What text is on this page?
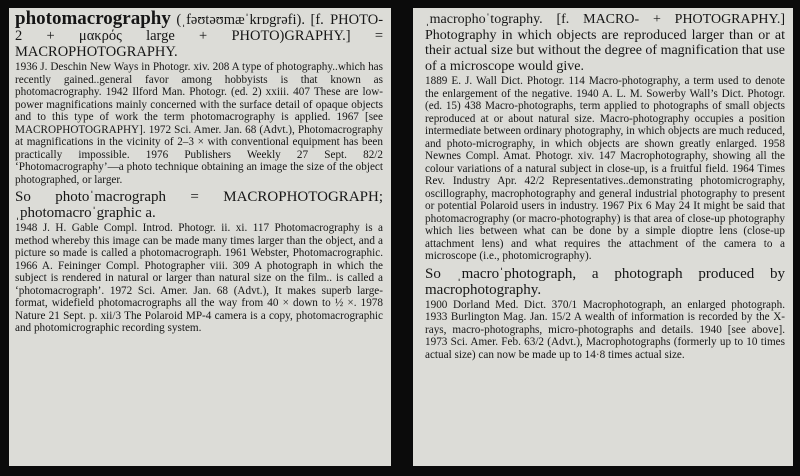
photomacrography (ˌfəʊtəʊmæˈkrɒgrəfi). [f. PHOTO- 2 + μακρός large + PHOTO)GRAPHY.] = MACROPHOTOGRAPHY.

1936 J. Deschin New Ways in Photogr. xiv. 208 A type of photography..which has recently gained..general favor among hobbyists is that known as photomacrography. 1942 Ilford Man. Photogr. (ed. 2) xxiii. 407 These are low-power magnifications mainly concerned with the surface detail of opaque objects and to this type of work the term photomacrography is applied. 1967 [see MACROPHOTOGRAPHY]. 1972 Sci. Amer. Jan. 68 (Advt.), Photomacrography at magnifications in the vicinity of 2–3 × with conventional equipment has been practically impossible. 1976 Publishers Weekly 27 Sept. 82/2 ‘Photomacrography’—a photo technique obtaining an image the size of the object photographed, or larger.

So photoˈmacrograph = MACROPHOTOGRAPH; ˌphotomacroˈgraphic a.

1948 J. H. Gable Compl. Introd. Photogr. ii. xi. 117 Photomacrography is a method whereby this image can be made many times larger than the object, and a picture so made is called a photomacrograph. 1961 Webster, Photomacrographic. 1966 A. Feininger Compl. Photographer viii. 309 A photograph in which the subject is rendered in natural or larger than natural size on the film.. is called a ‘photomacrograph’. 1972 Sci. Amer. Jan. 68 (Advt.), It makes superb large-format, widefield photomacrographs all the way from 40 × down to ½ ×. 1978 Nature 21 Sept. p. xii/3 The Polaroid MP-4 camera is a copy, photomacrographic and photomicrographic recording system.

ˌmacrophoˈtography. [f. MACRO- + PHOTOGRAPHY.] Photography in which objects are reproduced larger than or at their actual size but without the degree of magnification that use of a microscope would give.

1889 E. J. Wall Dict. Photogr. 114 Macro-photography, a term used to denote the enlargement of the negative. 1940 A. L. M. Sowerby Wall’s Dict. Photogr. (ed. 15) 438 Macro-photographs, term applied to photographs of small objects reproduced at or about natural size. Macro-photography occupies a position intermediate between ordinary photography, in which objects are much reduced, and photo-micrography, in which objects are shown greatly enlarged. 1958 Newnes Compl. Amat. Photogr. xiv. 147 Macrophotography, showing all the colour variations of a natural subject in close-up, is a fruitful field. 1964 Times Rev. Industry Apr. 42/2 Representatives..demonstrating photomicrography, oscillography, macrophotography and general industrial photography to present or potential Polaroid users in industry. 1967 Pix 6 May 24 It might be said that photomacrography (or macro-photography) is that area of close-up photography which lies between what can be done by a simple dioptre lens (close-up attachment lens) and what requires the attachment of the camera to a microscope (i.e., photomicrography).

So ˌmacroˈphotograph, a photograph produced by macrophotography.

1900 Dorland Med. Dict. 370/1 Macrophotograph, an enlarged photograph. 1933 Burlington Mag. Jan. 15/2 A wealth of information is recorded by the X-rays, macro-photographs, micro-photographs and details. 1940 [see above]. 1973 Sci. Amer. Feb. 63/2 (Advt.), Macrophotographs (formerly up to 10 times actual size) can now be made up to 14·8 times actual size.
